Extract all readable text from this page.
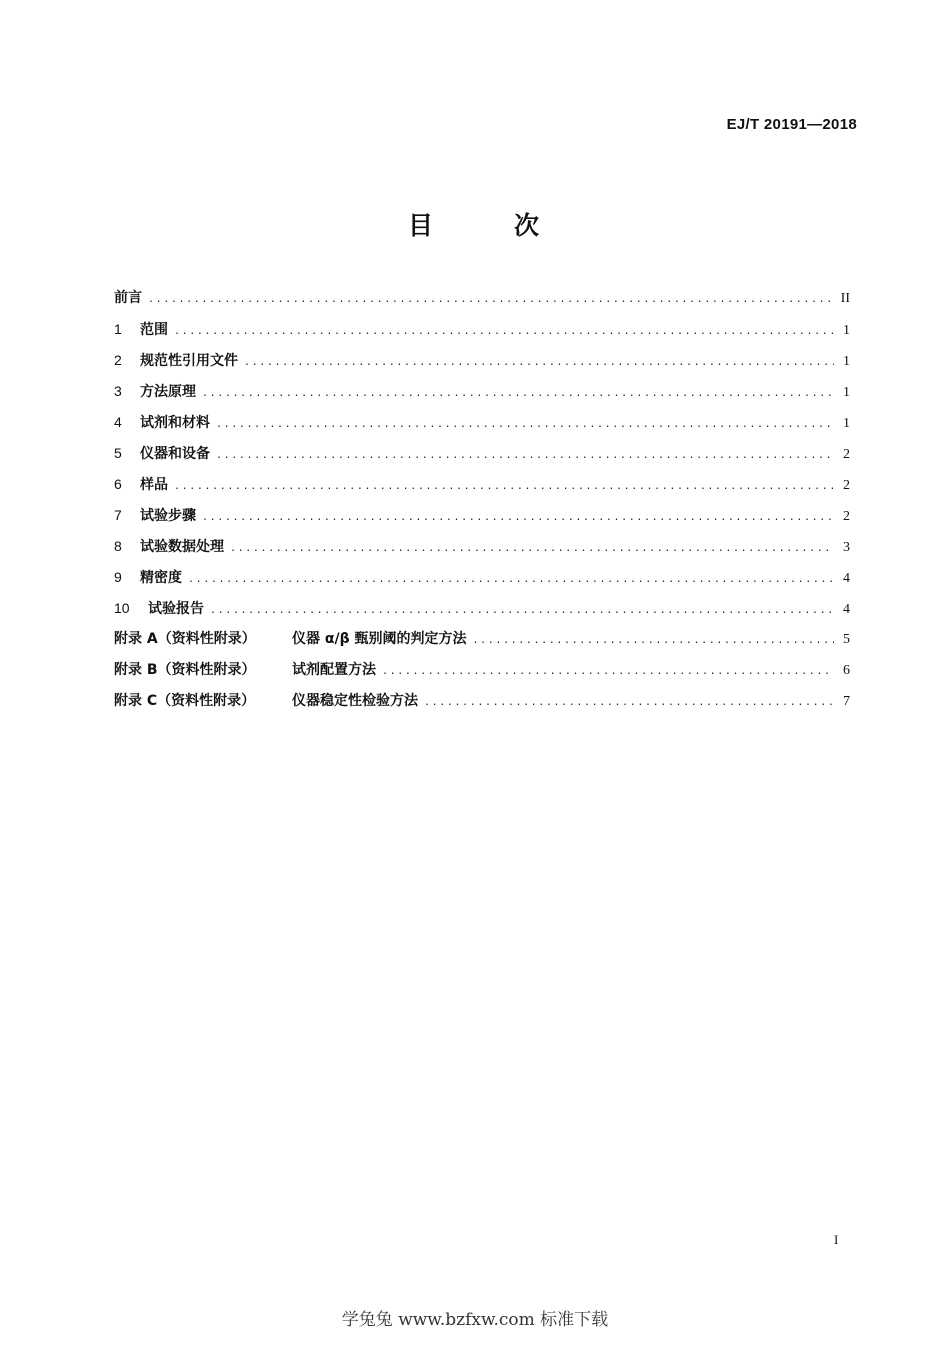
EJ/T 20191—2018
目　次
前言 .....	II
1	范围 .....	1
2	规范性引用文件 .....	1
3	方法原理 .....	1
4	试剂和材料 .....	1
5	仪器和设备 .....	2
6	样品 .....	2
7	试验步骤 .....	2
8	试验数据处理 .....	3
9	精密度 .....	4
10	试验报告 .....	4
附录 A（资料性附录）	仪器 α/β 甄别阈的判定方法 .....	5
附录 B（资料性附录）	试剂配置方法 .....	6
附录 C（资料性附录）	仪器稳定性检验方法 .....	7
I
学兔兔 www.bzfxw.com 标准下载
